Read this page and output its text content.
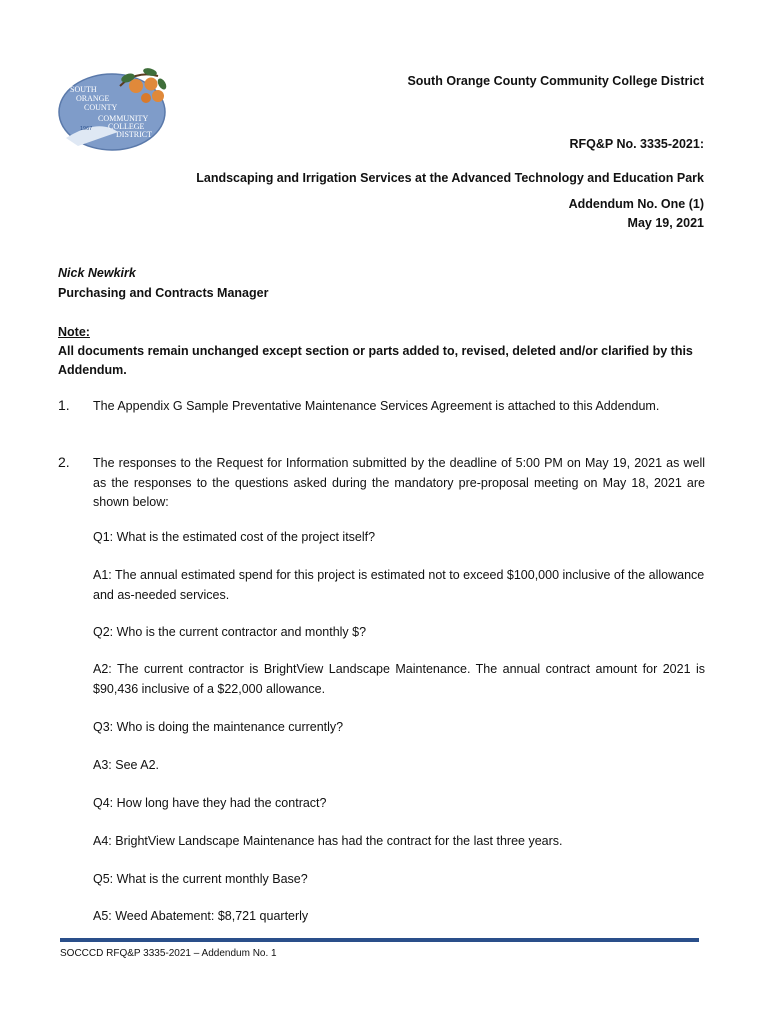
SOUTH
ORANGE
COUNTY
COMMUNITY
COLLEGE
DISTRICT
1967
South Orange County Community College District
RFQ&P No. 3335-2021:
Landscaping and Irrigation Services at the Advanced Technology and Education Park
Addendum No. One (1)
May 19, 2021
Nick Newkirk
Purchasing and Contracts Manager
Note:
All documents remain unchanged except section or parts added to, revised, deleted and/or clarified by this Addendum.
1. The Appendix G Sample Preventative Maintenance Services Agreement is attached to this Addendum.
2. The responses to the Request for Information submitted by the deadline of 5:00 PM on May 19, 2021 as well as the responses to the questions asked during the mandatory pre-proposal meeting on May 18, 2021 are shown below:
Q1: What is the estimated cost of the project itself?
A1: The annual estimated spend for this project is estimated not to exceed $100,000 inclusive of the allowance and as-needed services.
Q2: Who is the current contractor and monthly $?
A2: The current contractor is BrightView Landscape Maintenance. The annual contract amount for 2021 is $90,436 inclusive of a $22,000 allowance.
Q3: Who is doing the maintenance currently?
A3: See A2.
Q4: How long have they had the contract?
A4: BrightView Landscape Maintenance has had the contract for the last three years.
Q5: What is the current monthly Base?
A5: Weed Abatement: $8,721 quarterly
SOCCCD RFQ&P 3335-2021 – Addendum No. 1
